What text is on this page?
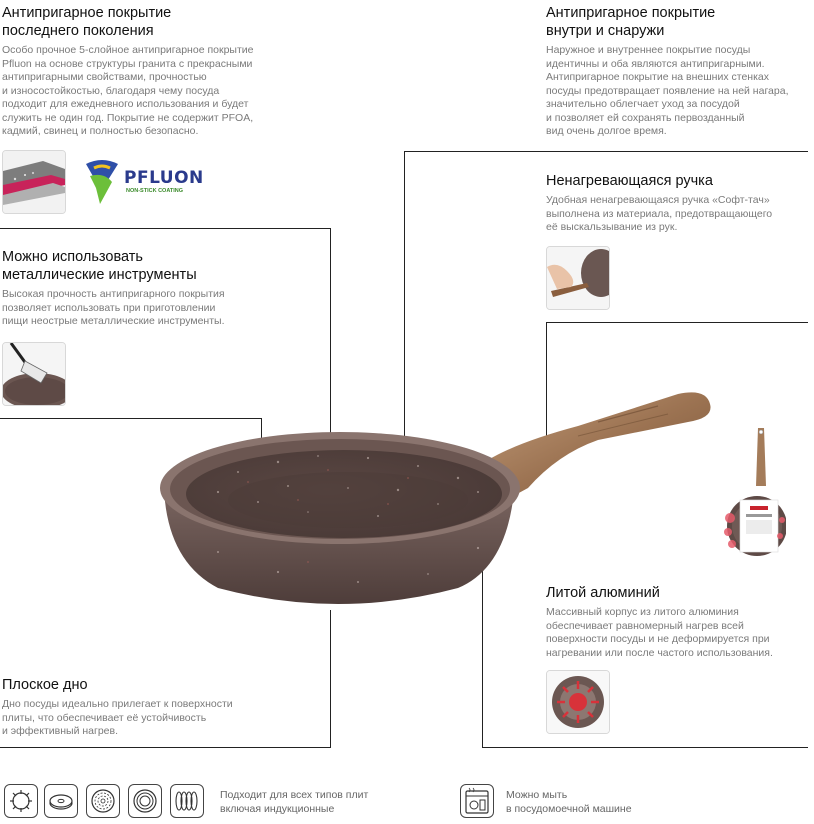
Антипригарное покрытие
последнего поколения
Особо прочное 5-слойное антипригарное покрытие
Pfluon на основе структуры гранита с прекрасными
антипригарными свойствами, прочностью
и износостойкостью, благодаря чему посуда
подходит для ежедневного использования и будет
служить не один год. Покрытие не содержит PFOA,
кадмий, свинец и полностью безопасно.
Антипригарное покрытие
внутри и снаружи
Наружное и внутреннее покрытие посуды
идентичны и оба являются антипригарными.
Антипригарное покрытие на внешних стенках
посуды предотвращает появление на ней нагара,
значительно облегчает уход за посудой
и позволяет ей сохранять первозданный
вид очень долгое время.
Ненагревающаяся ручка
Удобная ненагревающаяся ручка «Софт-тач»
выполнена из материала, предотвращающего
её выскальзывание из рук.
Можно использовать
металлические инструменты
Высокая прочность антипригарного покрытия
позволяет использовать при приготовлении
пищи неострые металлические инструменты.
Литой алюминий
Массивный корпус из литого алюминия
обеспечивает равномерный нагрев всей
поверхности посуды и не деформируется при
нагревании или после частого использования.
Плоское дно
Дно посуды идеально прилегает к поверхности
плиты, что обеспечивает её устойчивость
и эффективный нагрев.
PFLUON
NON-STICK COATING
Подходит для всех типов плит
включая индукционные
Можно мыть
в посудомоечной машине
